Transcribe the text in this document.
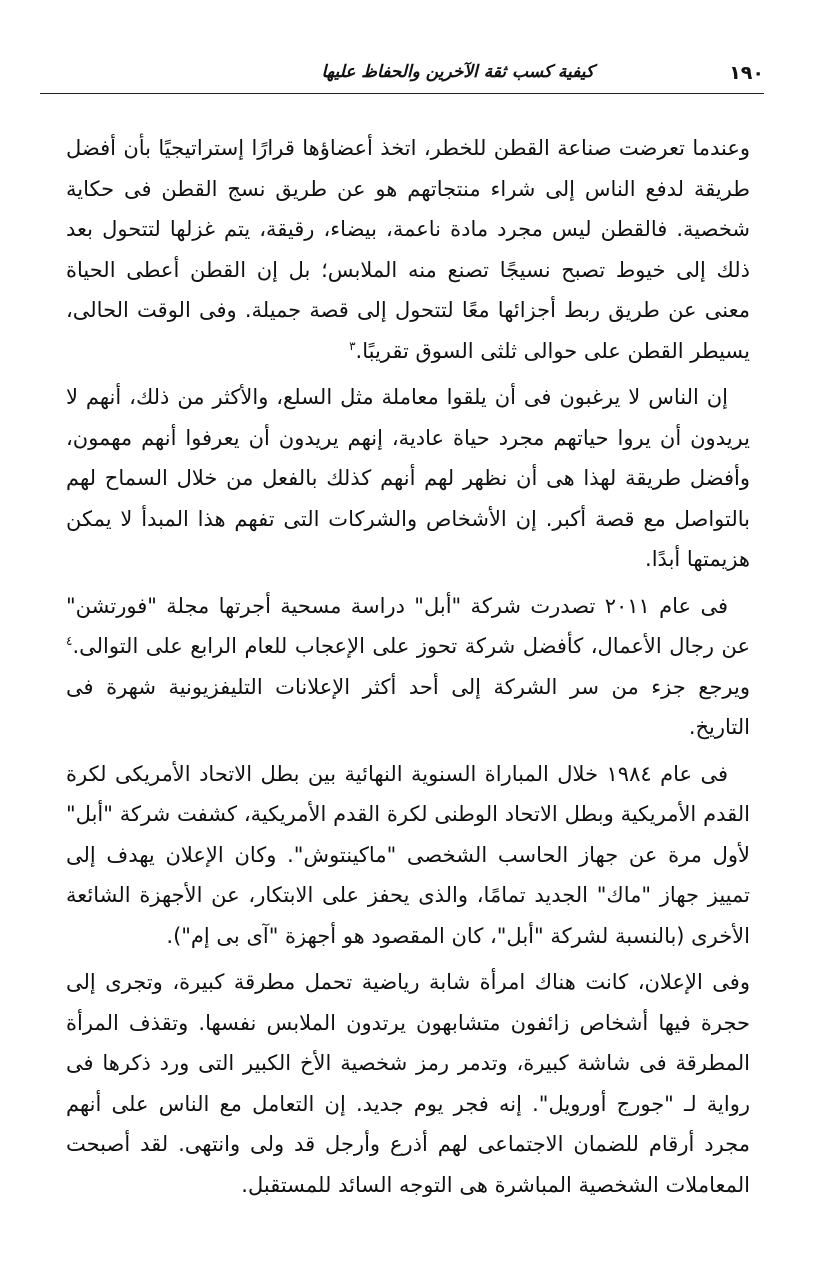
١٩٠
كيفية كسب ثقة الآخرين والحفاظ عليها

وعندما تعرضت صناعة القطن للخطر، اتخذ أعضاؤها قرارًا إستراتيجيًا بأن أفضل طريقة لدفع الناس إلى شراء منتجاتهم هو عن طريق نسج القطن فى حكاية شخصية. فالقطن ليس مجرد مادة ناعمة، بيضاء، رقيقة، يتم غزلها لتتحول بعد ذلك إلى خيوط تصبح نسيجًا تصنع منه الملابس؛ بل إن القطن أعطى الحياة معنى عن طريق ربط أجزائها معًا لتتحول إلى قصة جميلة. وفى الوقت الحالى، يسيطر القطن على حوالى ثلثى السوق تقريبًا.$^٣$

إن الناس لا يرغبون فى أن يلقوا معاملة مثل السلع، والأكثر من ذلك، أنهم لا يريدون أن يروا حياتهم مجرد حياة عادية، إنهم يريدون أن يعرفوا أنهم مهمون، وأفضل طريقة لهذا هى أن نظهر لهم أنهم كذلك بالفعل من خلال السماح لهم بالتواصل مع قصة أكبر. إن الأشخاص والشركات التى تفهم هذا المبدأ لا يمكن هزيمتها أبدًا.

فى عام ٢٠١١ تصدرت شركة "أبل" دراسة مسحية أجرتها مجلة "فورتشن" عن رجال الأعمال، كأفضل شركة تحوز على الإعجاب للعام الرابع على التوالى.$^٤$ ويرجع جزء من سر الشركة إلى أحد أكثر الإعلانات التليفزيونية شهرة فى التاريخ.

فى عام ١٩٨٤ خلال المباراة السنوية النهائية بين بطل الاتحاد الأمريكى لكرة القدم الأمريكية وبطل الاتحاد الوطنى لكرة القدم الأمريكية، كشفت شركة "أبل" لأول مرة عن جهاز الحاسب الشخصى "ماكينتوش". وكان الإعلان يهدف إلى تمييز جهاز "ماك" الجديد تمامًا، والذى يحفز على الابتكار، عن الأجهزة الشائعة الأخرى (بالنسبة لشركة "أبل"، كان المقصود هو أجهزة "آى بى إم").

وفى الإعلان، كانت هناك امرأة شابة رياضية تحمل مطرقة كبيرة، وتجرى إلى حجرة فيها أشخاص زائفون متشابهون يرتدون الملابس نفسها. وتقذف المرأة المطرقة فى شاشة كبيرة، وتدمر رمز شخصية الأخ الكبير التى ورد ذكرها فى رواية لـ "جورج أورويل". إنه فجر يوم جديد. إن التعامل مع الناس على أنهم مجرد أرقام للضمان الاجتماعى لهم أذرع وأرجل قد ولى وانتهى. لقد أصبحت المعاملات الشخصية المباشرة هى التوجه السائد للمستقبل.
